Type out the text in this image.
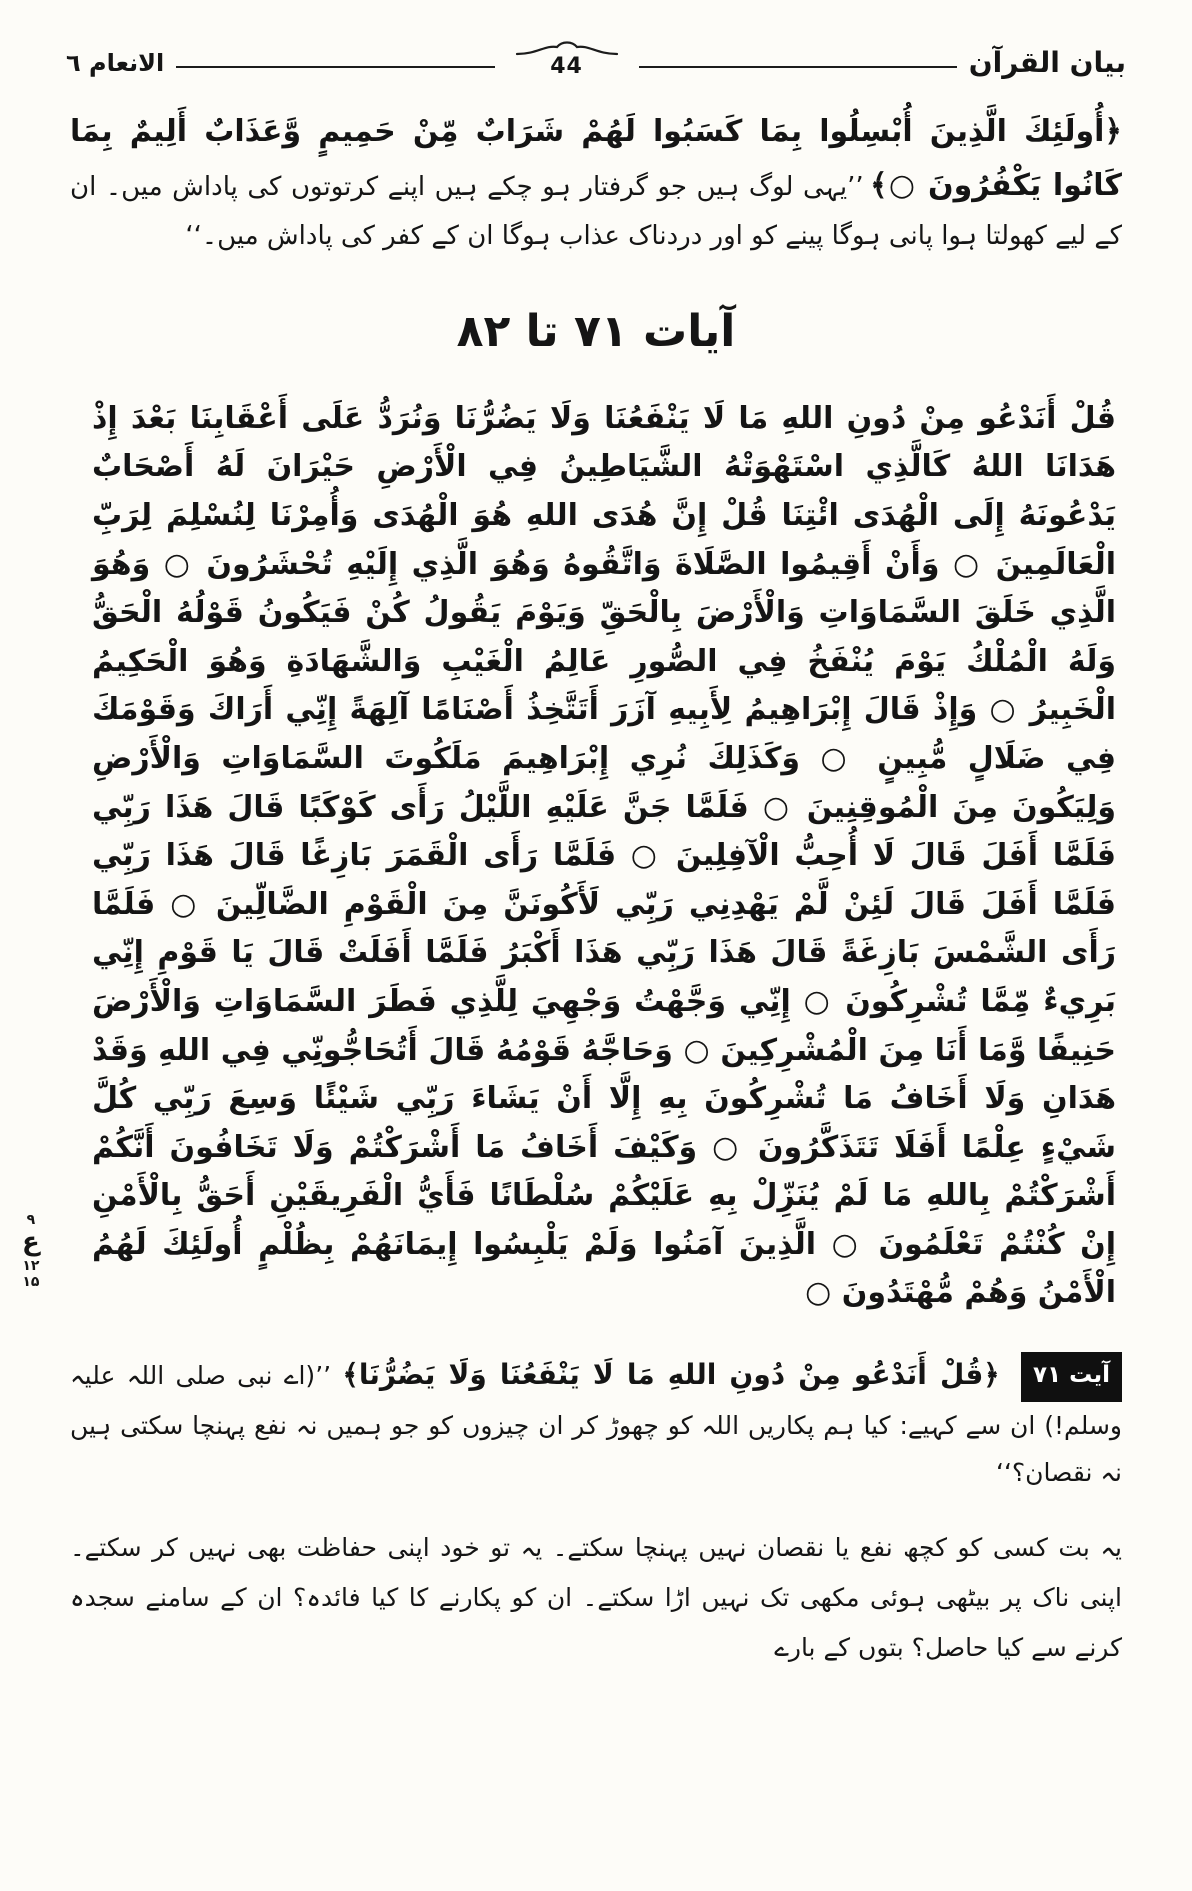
بیان القرآن
44
الانعام ٦

﴿أُولَئِكَ الَّذِينَ أُبْسِلُوا بِمَا كَسَبُوا لَهُمْ شَرَابٌ مِّنْ حَمِيمٍ وَّعَذَابٌ أَلِيمٌ بِمَا كَانُوا يَكْفُرُونَ ○﴾ ’’یہی لوگ ہیں جو گرفتار ہو چکے ہیں اپنے کرتوتوں کی پاداش میں۔ ان کے لیے کھولتا ہوا پانی ہوگا پینے کو اور دردناک عذاب ہوگا ان کے کفر کی پاداش میں۔‘‘

آیات ۷۱ تا ۸۲
قُلْ أَنَدْعُو مِنْ دُونِ اللهِ مَا لَا يَنْفَعُنَا وَلَا يَضُرُّنَا وَنُرَدُّ عَلَى أَعْقَابِنَا بَعْدَ إِذْ هَدَانَا اللهُ كَالَّذِي اسْتَهْوَتْهُ الشَّيَاطِينُ فِي الْأَرْضِ حَيْرَانَ لَهُ أَصْحَابٌ يَدْعُونَهُ إِلَى الْهُدَى ائْتِنَا قُلْ إِنَّ هُدَى اللهِ هُوَ الْهُدَى وَأُمِرْنَا لِنُسْلِمَ لِرَبِّ الْعَالَمِينَ ○ وَأَنْ أَقِيمُوا الصَّلَاةَ وَاتَّقُوهُ وَهُوَ الَّذِي إِلَيْهِ تُحْشَرُونَ ○ وَهُوَ الَّذِي خَلَقَ السَّمَاوَاتِ وَالْأَرْضَ بِالْحَقِّ وَيَوْمَ يَقُولُ كُنْ فَيَكُونُ قَوْلُهُ الْحَقُّ وَلَهُ الْمُلْكُ يَوْمَ يُنْفَخُ فِي الصُّورِ عَالِمُ الْغَيْبِ وَالشَّهَادَةِ وَهُوَ الْحَكِيمُ الْخَبِيرُ ○ وَإِذْ قَالَ إِبْرَاهِيمُ لِأَبِيهِ آزَرَ أَتَتَّخِذُ أَصْنَامًا آلِهَةً إِنِّي أَرَاكَ وَقَوْمَكَ فِي ضَلَالٍ مُّبِينٍ ○ وَكَذَلِكَ نُرِي إِبْرَاهِيمَ مَلَكُوتَ السَّمَاوَاتِ وَالْأَرْضِ وَلِيَكُونَ مِنَ الْمُوقِنِينَ ○ فَلَمَّا جَنَّ عَلَيْهِ اللَّيْلُ رَأَى كَوْكَبًا قَالَ هَذَا رَبِّي فَلَمَّا أَفَلَ قَالَ لَا أُحِبُّ الْآفِلِينَ ○ فَلَمَّا رَأَى الْقَمَرَ بَازِغًا قَالَ هَذَا رَبِّي فَلَمَّا أَفَلَ قَالَ لَئِنْ لَّمْ يَهْدِنِي رَبِّي لَأَكُونَنَّ مِنَ الْقَوْمِ الضَّالِّينَ ○ فَلَمَّا رَأَى الشَّمْسَ بَازِغَةً قَالَ هَذَا رَبِّي هَذَا أَكْبَرُ فَلَمَّا أَفَلَتْ قَالَ يَا قَوْمِ إِنِّي بَرِيءٌ مِّمَّا تُشْرِكُونَ ○ إِنِّي وَجَّهْتُ وَجْهِيَ لِلَّذِي فَطَرَ السَّمَاوَاتِ وَالْأَرْضَ حَنِيفًا وَّمَا أَنَا مِنَ الْمُشْرِكِينَ ○ وَحَاجَّهُ قَوْمُهُ قَالَ أَتُحَاجُّونِّي فِي اللهِ وَقَدْ هَدَانِ وَلَا أَخَافُ مَا تُشْرِكُونَ بِهِ إِلَّا أَنْ يَشَاءَ رَبِّي شَيْئًا وَسِعَ رَبِّي كُلَّ شَيْءٍ عِلْمًا أَفَلَا تَتَذَكَّرُونَ ○ وَكَيْفَ أَخَافُ مَا أَشْرَكْتُمْ وَلَا تَخَافُونَ أَنَّكُمْ أَشْرَكْتُمْ بِاللهِ مَا لَمْ يُنَزِّلْ بِهِ عَلَيْكُمْ سُلْطَانًا فَأَيُّ الْفَرِيقَيْنِ أَحَقُّ بِالْأَمْنِ إِنْ كُنْتُمْ تَعْلَمُونَ ○ الَّذِينَ آمَنُوا وَلَمْ يَلْبِسُوا إِيمَانَهُمْ بِظُلْمٍ أُولَئِكَ لَهُمُ الْأَمْنُ وَهُمْ مُّهْتَدُونَ ○
۹
ع
۱۲
۱۵

آیت ۷۱ ﴿قُلْ أَنَدْعُو مِنْ دُونِ اللهِ مَا لَا يَنْفَعُنَا وَلَا يَضُرُّنَا﴾ ’’(اے نبی صلی اللہ علیہ وسلم!) ان سے کہیے: کیا ہم پکاریں اللہ کو چھوڑ کر ان چیزوں کو جو ہمیں نہ نفع پہنچا سکتی ہیں نہ نقصان؟‘‘

یہ بت کسی کو کچھ نفع یا نقصان نہیں پہنچا سکتے۔ یہ تو خود اپنی حفاظت بھی نہیں کر سکتے۔ اپنی ناک پر بیٹھی ہوئی مکھی تک نہیں اڑا سکتے۔ ان کو پکارنے کا کیا فائدہ؟ ان کے سامنے سجدہ کرنے سے کیا حاصل؟ بتوں کے بارے
